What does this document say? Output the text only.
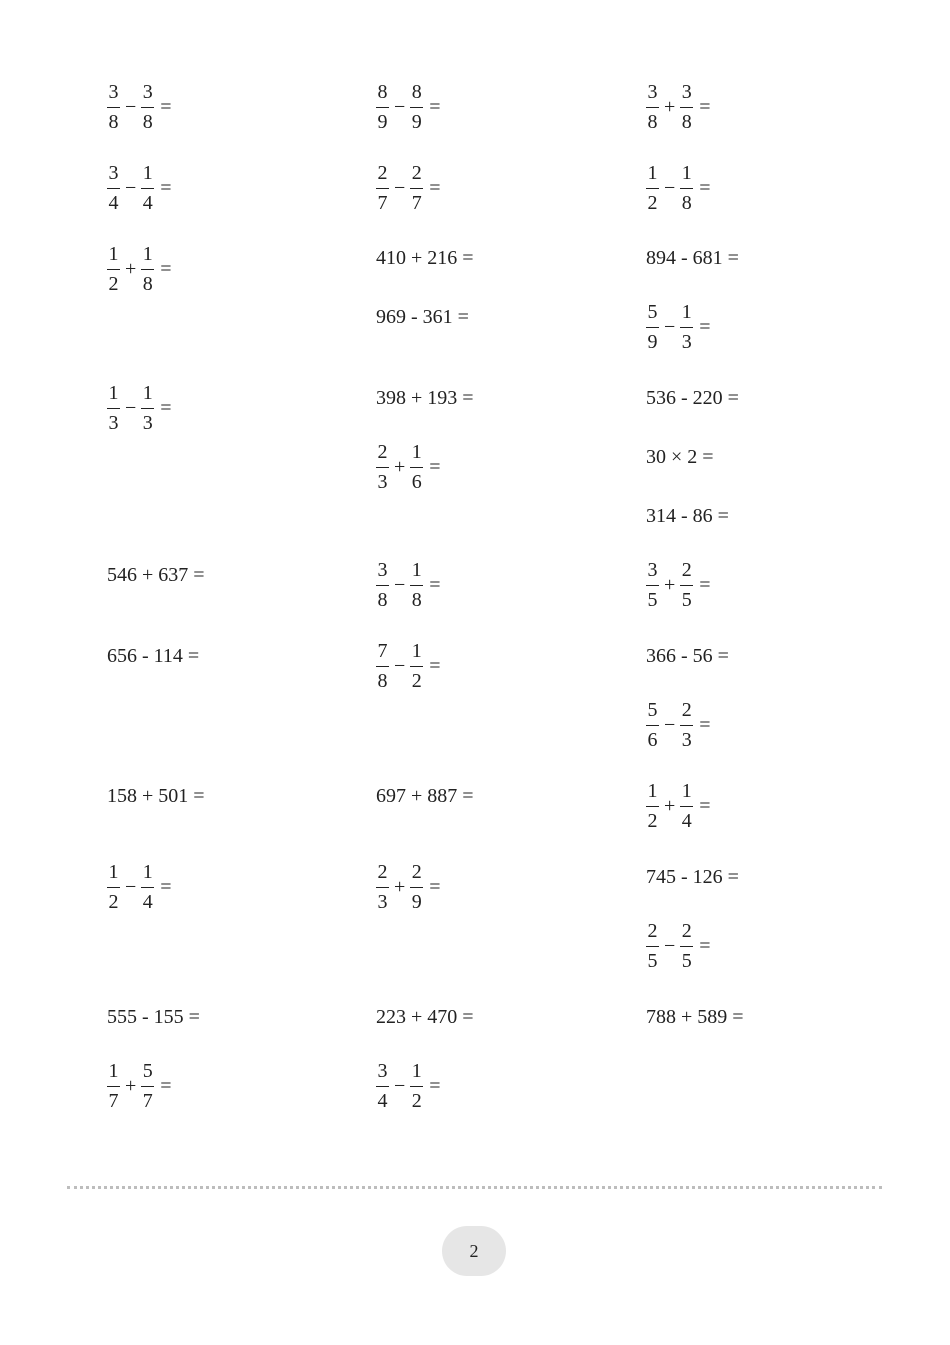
$\frac{3}{8} - \frac{3}{8}$ =
$\frac{3}{4} - \frac{1}{4}$ =
$\frac{1}{2} + \frac{1}{8}$ =
$\frac{1}{3} - \frac{1}{3}$ =
546 + 637 =
656 - 114 =
158 + 501 =
$\frac{1}{2} - \frac{1}{4}$ =
555 - 155 =
$\frac{1}{7} + \frac{5}{7}$ =
$\frac{8}{9} - \frac{8}{9}$ =
$\frac{2}{7} - \frac{2}{7}$ =
410 + 216 =
969 - 361 =
398 + 193 =
$\frac{2}{3} + \frac{1}{6}$ =
$\frac{3}{8} - \frac{1}{8}$ =
$\frac{7}{8} - \frac{1}{2}$ =
697 + 887 =
$\frac{2}{3} + \frac{2}{9}$ =
223 + 470 =
$\frac{3}{4} - \frac{1}{2}$ =
$\frac{3}{8} + \frac{3}{8}$ =
$\frac{1}{2} - \frac{1}{8}$ =
894 - 681 =
$\frac{5}{9} - \frac{1}{3}$ =
536 - 220 =
30 × 2 =
314 - 86 =
$\frac{3}{5} + \frac{2}{5}$ =
366 - 56 =
$\frac{5}{6} - \frac{2}{3}$ =
$\frac{1}{2} + \frac{1}{4}$ =
745 - 126 =
$\frac{2}{5} - \frac{2}{5}$ =
788 + 589 =
2
